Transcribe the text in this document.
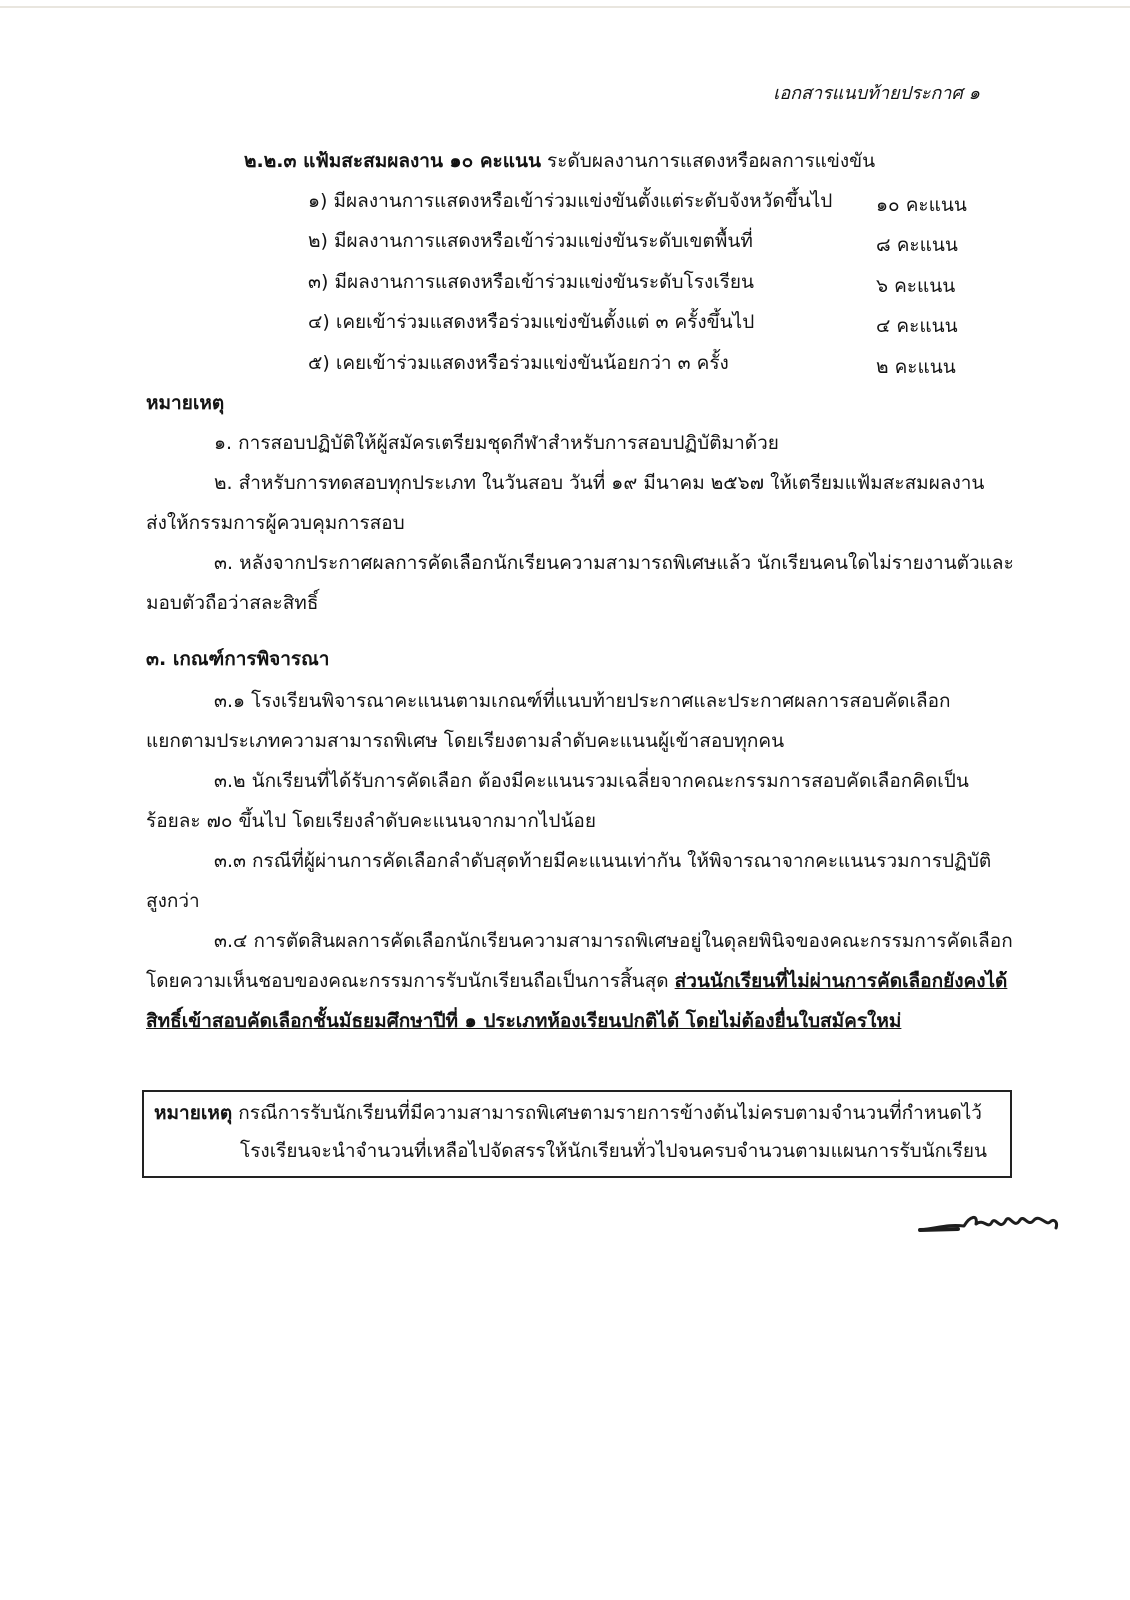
เอกสารแนบท้ายประกาศ ๑
๒.๒.๓ แฟ้มสะสมผลงาน ๑๐ คะแนน ระดับผลงานการแสดงหรือผลการแข่งขัน
๑) มีผลงานการแสดงหรือเข้าร่วมแข่งขันตั้งแต่ระดับจังหวัดขึ้นไป ๑๐ คะแนน
๒) มีผลงานการแสดงหรือเข้าร่วมแข่งขันระดับเขตพื้นที่	๘ คะแนน
๓) มีผลงานการแสดงหรือเข้าร่วมแข่งขันระดับโรงเรียน	๖ คะแนน
๔) เคยเข้าร่วมแสดงหรือร่วมแข่งขันตั้งแต่ ๓ ครั้งขึ้นไป	๔ คะแนน
๕) เคยเข้าร่วมแสดงหรือร่วมแข่งขันน้อยกว่า ๓ ครั้ง	๒ คะแนน
หมายเหตุ
๑. การสอบปฏิบัติให้ผู้สมัครเตรียมชุดกีฬาสำหรับการสอบปฏิบัติมาด้วย
๒. สำหรับการทดสอบทุกประเภท ในวันสอบ วันที่ ๑๙ มีนาคม ๒๕๖๗ ให้เตรียมแฟ้มสะสมผลงาน
ส่งให้กรรมการผู้ควบคุมการสอบ
๓. หลังจากประกาศผลการคัดเลือกนักเรียนความสามารถพิเศษแล้ว นักเรียนคนใดไม่รายงานตัวและ
มอบตัวถือว่าสละสิทธิ์
๓. เกณฑ์การพิจารณา
๓.๑ โรงเรียนพิจารณาคะแนนตามเกณฑ์ที่แนบท้ายประกาศและประกาศผลการสอบคัดเลือก
แยกตามประเภทความสามารถพิเศษ โดยเรียงตามลำดับคะแนนผู้เข้าสอบทุกคน
๓.๒ นักเรียนที่ได้รับการคัดเลือก ต้องมีคะแนนรวมเฉลี่ยจากคณะกรรมการสอบคัดเลือกคิดเป็น
ร้อยละ ๗๐ ขึ้นไป โดยเรียงลำดับคะแนนจากมากไปน้อย
๓.๓ กรณีที่ผู้ผ่านการคัดเลือกลำดับสุดท้ายมีคะแนนเท่ากัน ให้พิจารณาจากคะแนนรวมการปฏิบัติ
สูงกว่า
๓.๔ การตัดสินผลการคัดเลือกนักเรียนความสามารถพิเศษอยู่ในดุลยพินิจของคณะกรรมการคัดเลือก
โดยความเห็นชอบของคณะกรรมการรับนักเรียนถือเป็นการสิ้นสุด ส่วนนักเรียนที่ไม่ผ่านการคัดเลือกยังคงได้
สิทธิ์เข้าสอบคัดเลือกชั้นมัธยมศึกษาปีที่ ๑ ประเภทห้องเรียนปกติได้ โดยไม่ต้องยื่นใบสมัครใหม่
หมายเหตุ กรณีการรับนักเรียนที่มีความสามารถพิเศษตามรายการข้างต้นไม่ครบตามจำนวนที่กำหนดไว้
โรงเรียนจะนำจำนวนที่เหลือไปจัดสรรให้นักเรียนทั่วไปจนครบจำนวนตามแผนการรับนักเรียน
